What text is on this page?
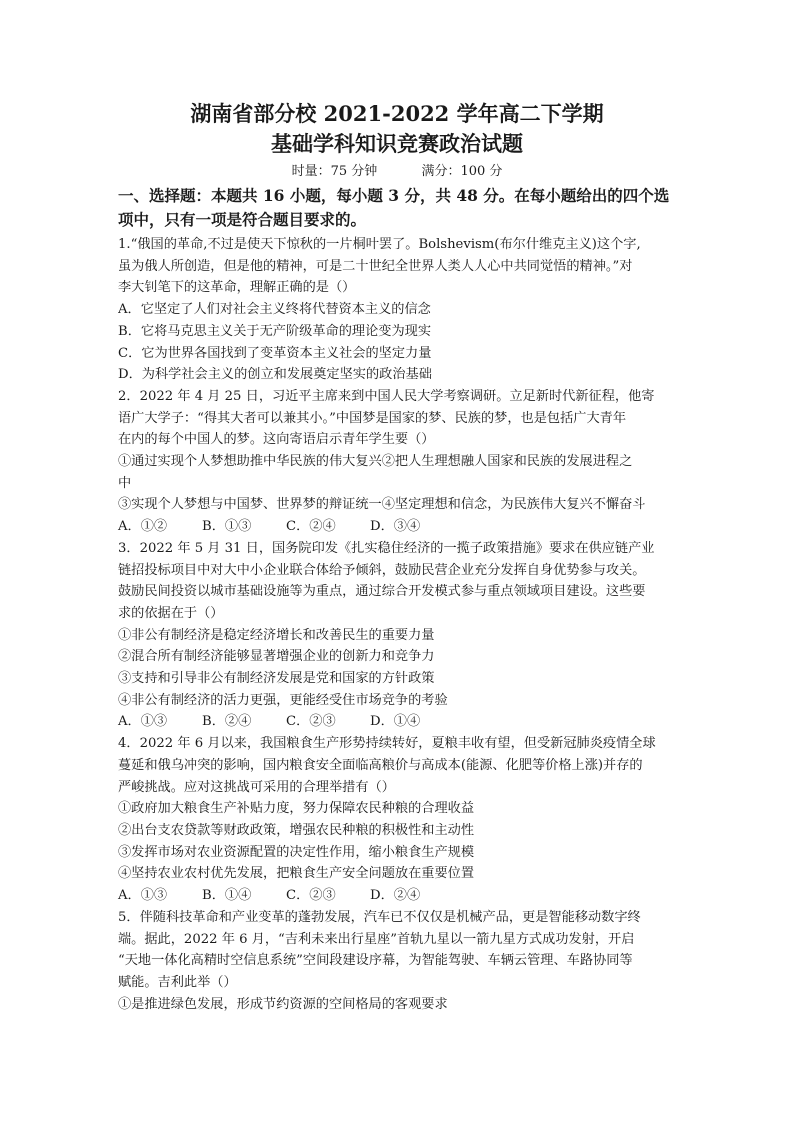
湖南省部分校 2021-2022 学年高二下学期
基础学科知识竞赛政治试题
时量：75 分钟	满分：100 分
一、选择题：本题共 16 小题，每小题 3 分，共 48 分。在每小题给出的四个选
项中，只有一项是符合题目要求的。
1.“俄国的革命,不过是使天下惊秋的一片桐叶罢了。Bolshevism(布尔什维克主义)这个字,
虽为俄人所创造，但是他的精神，可是二十世纪全世界人类人人心中共同觉悟的精神。”对
李大钊笔下的这革命，理解正确的是（）
A．它坚定了人们对社会主义终将代替资本主义的信念
B．它将马克思主义关于无产阶级革命的理论变为现实
C．它为世界各国找到了变革资本主义社会的坚定力量
D．为科学社会主义的创立和发展奠定坚实的政治基础
2．2022 年 4 月 25 日，习近平主席来到中国人民大学考察调研。立足新时代新征程，他寄
语广大学子：“得其大者可以兼其小。”中国梦是国家的梦、民族的梦，也是包括广大青年
在内的每个中国人的梦。这向寄语启示青年学生要（）
①通过实现个人梦想助推中华民族的伟大复兴②把人生理想融人国家和民族的发展进程之
中
③实现个人梦想与中国梦、世界梦的辩证统一④坚定理想和信念，为民族伟大复兴不懈奋斗
A．①②	B．①③	C．②④	D．③④
3．2022 年 5 月 31 日，国务院印发《扎实稳住经济的一揽子政策措施》要求在供应链产业
链招投标项目中对大中小企业联合体给予倾斜，鼓励民营企业充分发挥自身优势参与攻关。
鼓励民间投资以城市基础设施等为重点，通过综合开发模式参与重点领域项目建设。这些要
求的依据在于（）
①非公有制经济是稳定经济增长和改善民生的重要力量
②混合所有制经济能够显著增强企业的创新力和竞争力
③支持和引导非公有制经济发展是党和国家的方针政策
④非公有制经济的活力更强，更能经受住市场竞争的考验
A．①③	B．②④	C．②③	D．①④
4．2022 年 6 月以来，我国粮食生产形势持续转好，夏粮丰收有望，但受新冠肺炎疫情全球
蔓延和俄乌冲突的影响，国内粮食安全面临高粮价与高成本(能源、化肥等价格上涨)并存的
严峻挑战。应对这挑战可采用的合理举措有（）
①政府加大粮食生产补贴力度，努力保障农民种粮的合理收益
②出台支农贷款等财政政策，增强农民种粮的积极性和主动性
③发挥市场对农业资源配置的决定性作用，缩小粮食生产规模
④坚持农业农村优先发展，把粮食生产安全问题放在重要位置
A．①③	B．①④	C．②③	D．②④
5．伴随科技革命和产业变革的蓬勃发展，汽车已不仅仅是机械产品，更是智能移动数字终
端。据此，2022 年 6 月，“吉利未来出行星座”首轨九星以一箭九星方式成功发射，开启
“天地一体化高精时空信息系统”空间段建设序幕，为智能驾驶、车辆云管理、车路协同等
赋能。吉利此举（）
①是推进绿色发展，形成节约资源的空间格局的客观要求
